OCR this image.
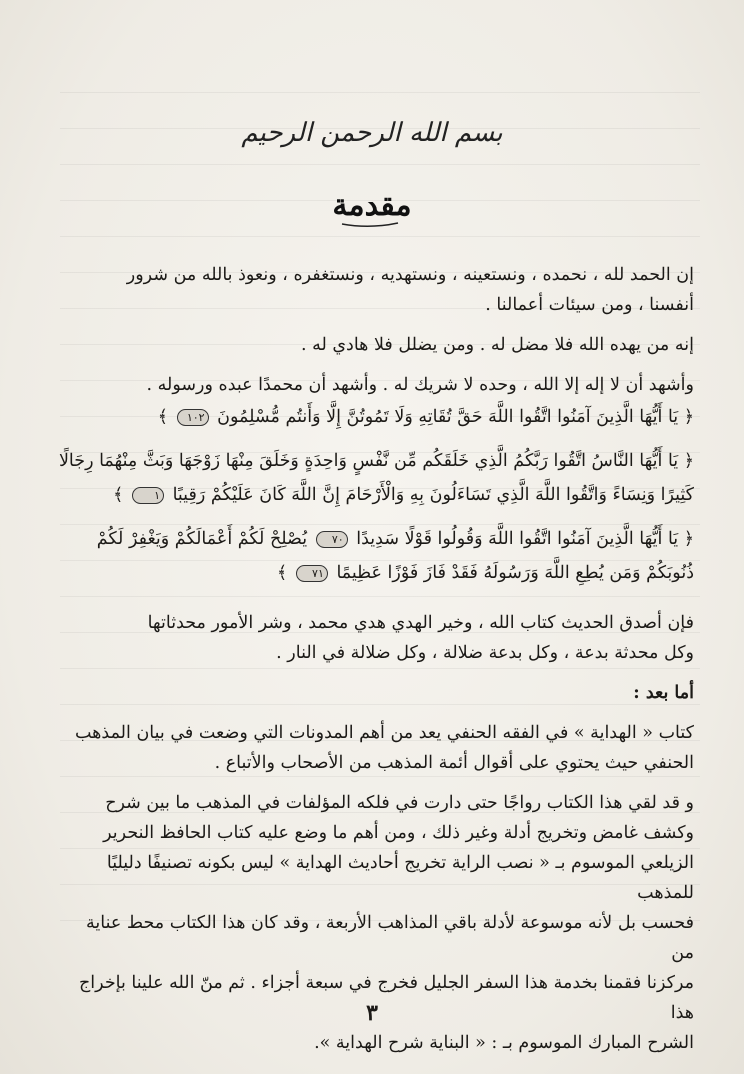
بسم الله الرحمن الرحيم
مقدمة

إن الحمد لله ، نحمده ، ونستعينه ، ونستهديه ، ونستغفره ، ونعوذ بالله من شرور

أنفسنا ، ومن سيئات أعمالنا .

إنه من يهده الله فلا مضل له . ومن يضلل فلا هادي له .

وأشهد أن لا إله إلا الله ، وحده لا شريك له . وأشهد أن محمدًا عبده ورسوله .

﴿ يَا أَيُّهَا الَّذِينَ آمَنُوا اتَّقُوا اللَّهَ حَقَّ تُقَاتِهِ وَلَا تَمُوتُنَّ إِلَّا وَأَنتُم مُّسْلِمُونَ ١٠٢ ﴾

﴿ يَا أَيُّهَا النَّاسُ اتَّقُوا رَبَّكُمُ الَّذِي خَلَقَكُم مِّن نَّفْسٍ وَاحِدَةٍ وَخَلَقَ مِنْهَا زَوْجَهَا وَبَثَّ مِنْهُمَا رِجَالًا

كَثِيرًا وَنِسَاءً وَاتَّقُوا اللَّهَ الَّذِي تَسَاءَلُونَ بِهِ وَالْأَرْحَامَ إِنَّ اللَّهَ كَانَ عَلَيْكُمْ رَقِيبًا ١ ﴾

﴿ يَا أَيُّهَا الَّذِينَ آمَنُوا اتَّقُوا اللَّهَ وَقُولُوا قَوْلًا سَدِيدًا ٧٠ يُصْلِحْ لَكُمْ أَعْمَالَكُمْ وَيَغْفِرْ لَكُمْ

ذُنُوبَكُمْ وَمَن يُطِعِ اللَّهَ وَرَسُولَهُ فَقَدْ فَازَ فَوْزًا عَظِيمًا ٧١ ﴾

فإن أصدق الحديث كتاب الله ، وخير الهدي هدي محمد ، وشر الأمور محدثاتها

وكل محدثة بدعة ، وكل بدعة ضلالة ، وكل ضلالة في النار .

أما بعد :

كتاب « الهداية » في الفقه الحنفي يعد من أهم المدونات التي وضعت في بيان المذهب

الحنفي حيث يحتوي على أقوال أئمة المذهب من الأصحاب والأتباع .

و قد لقي هذا الكتاب رواجًا حتى دارت في فلكه المؤلفات في المذهب ما بين شرح

وكشف غامض وتخريج أدلة وغير ذلك ، ومن أهم ما وضع عليه كتاب الحافظ النحرير

الزيلعي الموسوم بـ « نصب الراية تخريج أحاديث الهداية » ليس بكونه تصنيفًا دليليًا للمذهب

فحسب بل لأنه موسوعة لأدلة باقي المذاهب الأربعة ، وقد كان هذا الكتاب محط عناية من

مركزنا فقمنا بخدمة هذا السفر الجليل فخرج في سبعة أجزاء . ثم منّ الله علينا بإخراج هذا

الشرح المبارك الموسوم بـ : « البناية شرح الهداية ».

٣
